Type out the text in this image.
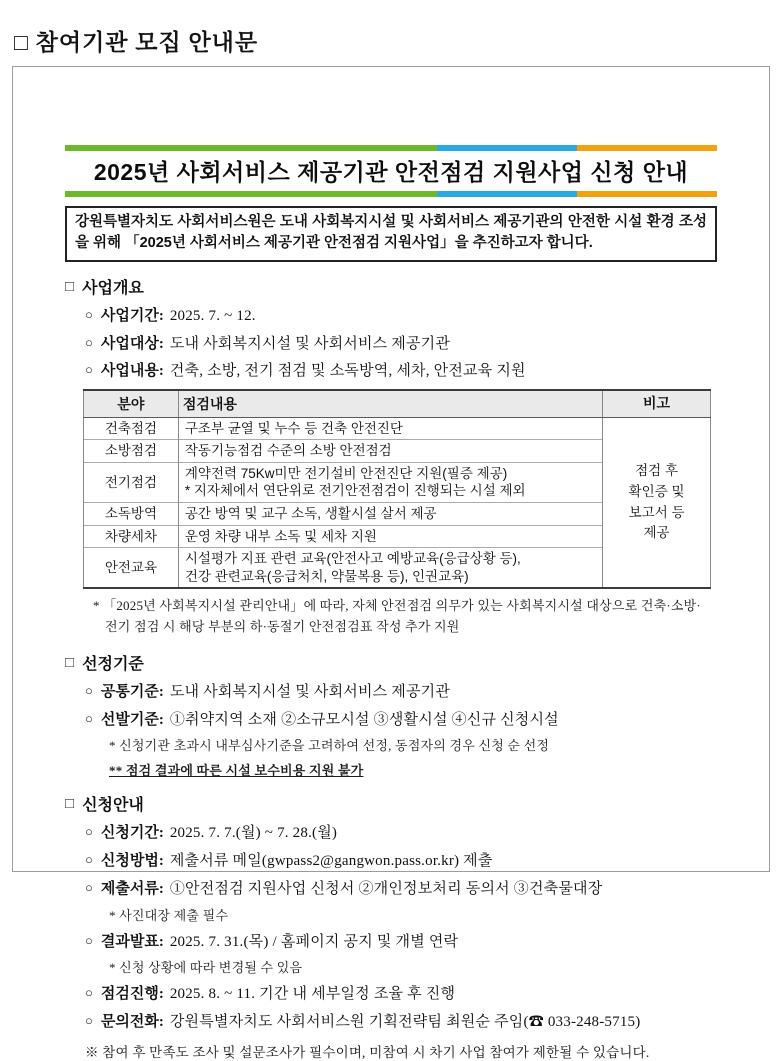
□ 참여기관 모집 안내문
2025년 사회서비스 제공기관 안전점검 지원사업 신청 안내
강원특별자치도 사회서비스원은 도내 사회복지시설 및 사회서비스 제공기관의 안전한 시설 환경 조성을 위해 「2025년 사회서비스 제공기관 안전점검 지원사업」을 추진하고자 합니다.
□ 사업개요
○ 사업기간: 2025. 7. ~ 12.
○ 사업대상: 도내 사회복지시설 및 사회서비스 제공기관
○ 사업내용: 건축, 소방, 전기 점검 및 소독방역, 세차, 안전교육 지원
분야	점검내용	비고
건축점검	구조부 균열 및 누수 등 건축 안전진단	점검 후
확인증 및
보고서 등
제공

소방점검	작동기능점검 수준의 소방 안전점검	
전기점검	계약전력 75Kw미만 전기설비 안전진단 지원(필증 제공)
* 지자체에서 연단위로 전기안전점검이 진행되는 시설 제외	

소독방역	공간 방역 및 교구 소독, 생활시설 살서 제공	
차량세차	운영 차량 내부 소독 및 세차 지원	
안전교육	시설평가 지표 관련 교육(안전사고 예방교육(응급상황 등),
건강 관련교육(응급처치, 약물복용 등), 인권교육)	
* 「2025년 사회복지시설 관리안내」에 따라, 자체 안전점검 의무가 있는 사회복지시설 대상으로 건축·소방·전기 점검 시 해당 부분의 하·동절기 안전점검표 작성 추가 지원
□ 선정기준
○ 공통기준: 도내 사회복지시설 및 사회서비스 제공기관
○ 선발기준: ①취약지역 소재 ②소규모시설 ③생활시설 ④신규 신청시설
* 신청기관 초과시 내부심사기준을 고려하여 선정, 동점자의 경우 신청 순 선정
** 점검 결과에 따른 시설 보수비용 지원 불가
□ 신청안내
○ 신청기간: 2025. 7. 7.(월) ~ 7. 28.(월)
○ 신청방법: 제출서류 메일(gwpass2@gangwon.pass.or.kr) 제출
○ 제출서류: ①안전점검 지원사업 신청서 ②개인정보처리 동의서 ③건축물대장
* 사진대장 제출 필수
○ 결과발표: 2025. 7. 31.(목) / 홈페이지 공지 및 개별 연락
* 신청 상황에 따라 변경될 수 있음
○ 점검진행: 2025. 8. ~ 11. 기간 내 세부일정 조율 후 진행
○ 문의전화: 강원특별자치도 사회서비스원 기획전략팀 최원순 주임(☎ 033-248-5715)
※ 참여 후 만족도 조사 및 설문조사가 필수이며, 미참여 시 차기 사업 참여가 제한될 수 있습니다.
